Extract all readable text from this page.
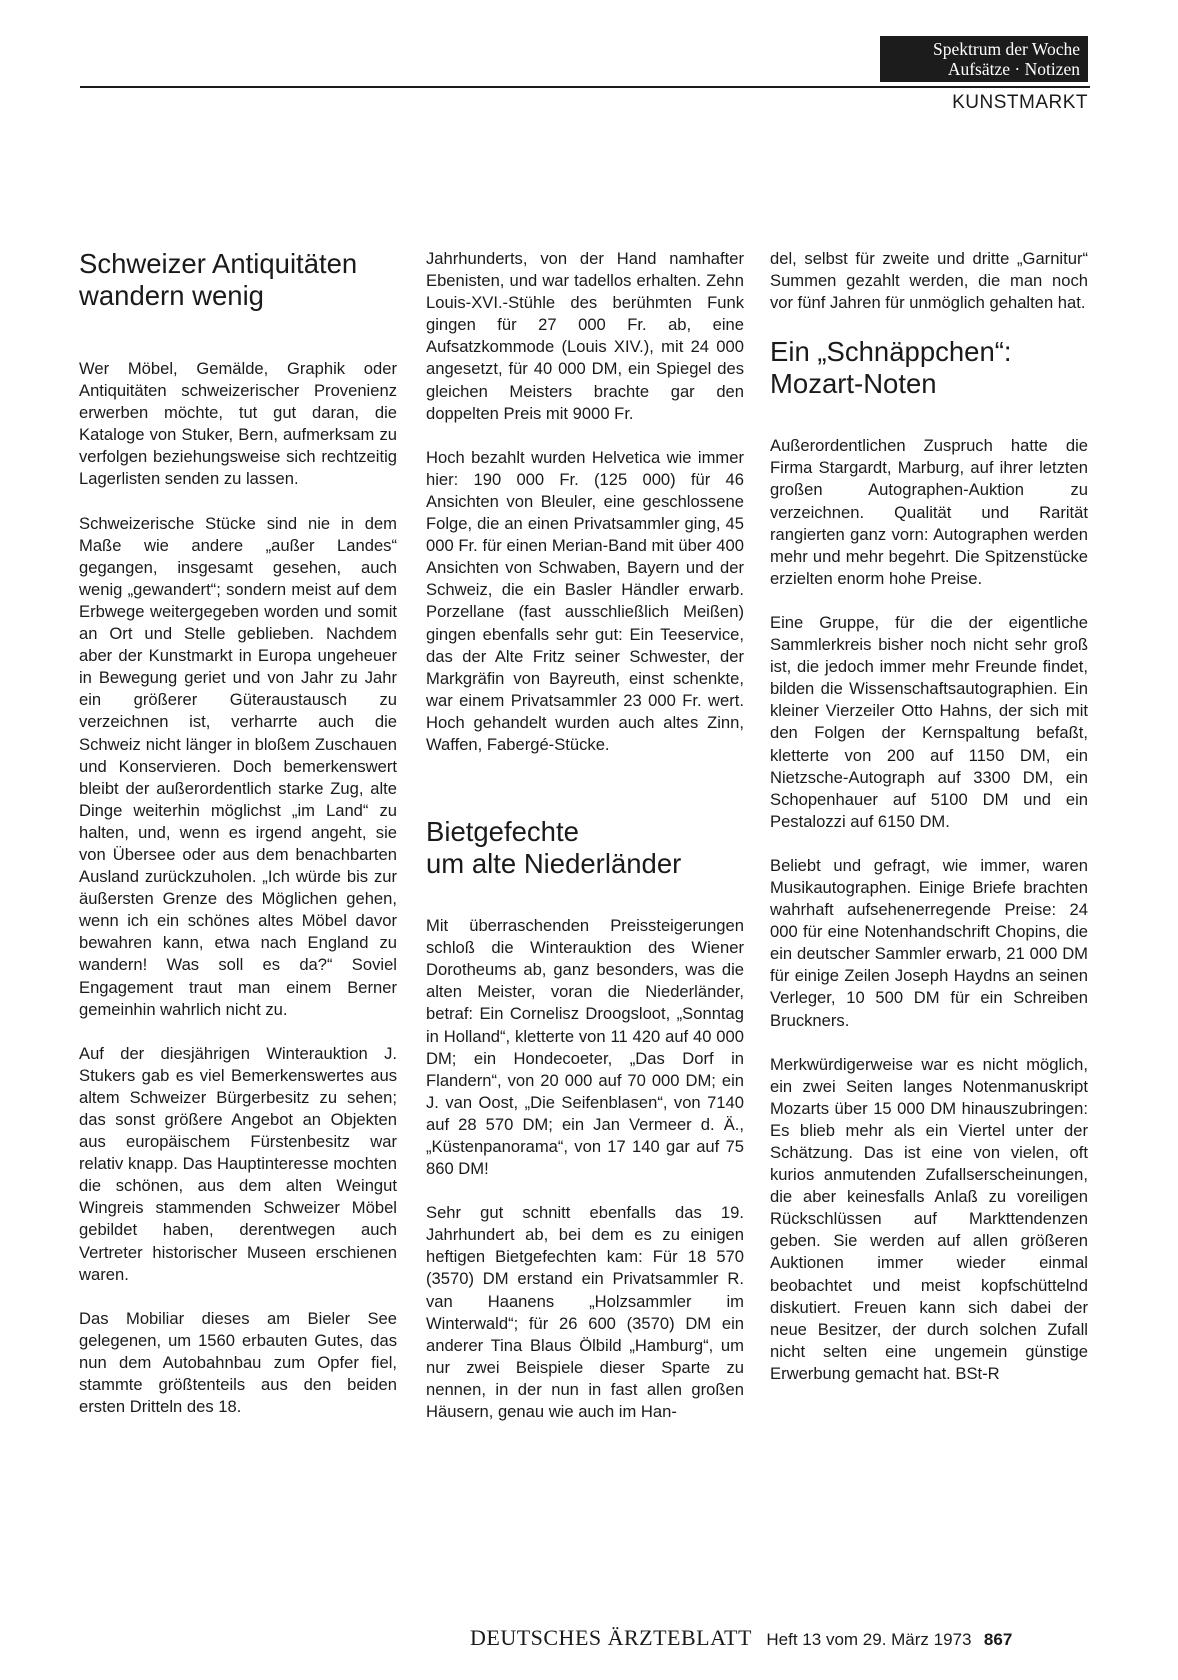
Spektrum der Woche
Aufsätze · Notizen
KUNSTMARKT
Schweizer Antiquitäten
wandern wenig

Wer Möbel, Gemälde, Graphik oder Antiquitäten schweizerischer Provenienz erwerben möchte, tut gut daran, die Kataloge von Stuker, Bern, aufmerksam zu verfolgen beziehungsweise sich rechtzeitig Lagerlisten senden zu lassen.

Schweizerische Stücke sind nie in dem Maße wie andere „außer Landes“ gegangen, insgesamt gesehen, auch wenig „gewandert“; sondern meist auf dem Erbwege weitergegeben worden und somit an Ort und Stelle geblieben. Nachdem aber der Kunstmarkt in Europa ungeheuer in Bewegung geriet und von Jahr zu Jahr ein größerer Güteraustausch zu verzeichnen ist, verharrte auch die Schweiz nicht länger in bloßem Zuschauen und Konservieren. Doch bemerkenswert bleibt der außerordentlich starke Zug, alte Dinge weiterhin möglichst „im Land“ zu halten, und, wenn es irgend angeht, sie von Übersee oder aus dem benachbarten Ausland zurückzuholen. „Ich würde bis zur äußersten Grenze des Möglichen gehen, wenn ich ein schönes altes Möbel davor bewahren kann, etwa nach England zu wandern! Was soll es da?“ Soviel Engagement traut man einem Berner gemeinhin wahrlich nicht zu.

Auf der diesjährigen Winterauktion J. Stukers gab es viel Bemerkenswertes aus altem Schweizer Bürgerbesitz zu sehen; das sonst größere Angebot an Objekten aus europäischem Fürstenbesitz war relativ knapp. Das Hauptinteresse mochten die schönen, aus dem alten Weingut Wingreis stammenden Schweizer Möbel gebildet haben, derentwegen auch Vertreter historischer Museen erschienen waren.

Das Mobiliar dieses am Bieler See gelegenen, um 1560 erbauten Gutes, das nun dem Autobahnbau zum Opfer fiel, stammte größtenteils aus den beiden ersten Dritteln des 18.

Jahrhunderts, von der Hand namhafter Ebenisten, und war tadellos erhalten. Zehn Louis-XVI.-Stühle des berühmten Funk gingen für 27 000 Fr. ab, eine Aufsatzkommode (Louis XIV.), mit 24 000 angesetzt, für 40 000 DM, ein Spiegel des gleichen Meisters brachte gar den doppelten Preis mit 9000 Fr.

Hoch bezahlt wurden Helvetica wie immer hier: 190 000 Fr. (125 000) für 46 Ansichten von Bleuler, eine geschlossene Folge, die an einen Privatsammler ging, 45 000 Fr. für einen Merian-Band mit über 400 Ansichten von Schwaben, Bayern und der Schweiz, die ein Basler Händler erwarb. Porzellane (fast ausschließlich Meißen) gingen ebenfalls sehr gut: Ein Teeservice, das der Alte Fritz seiner Schwester, der Markgräfin von Bayreuth, einst schenkte, war einem Privatsammler 23 000 Fr. wert. Hoch gehandelt wurden auch altes Zinn, Waffen, Fabergé-Stücke.

Bietgefechte
um alte Niederländer

Mit überraschenden Preissteigerungen schloß die Winterauktion des Wiener Dorotheums ab, ganz besonders, was die alten Meister, voran die Niederländer, betraf: Ein Cornelisz Droogsloot, „Sonntag in Holland“, kletterte von 11 420 auf 40 000 DM; ein Hondecoeter, „Das Dorf in Flandern“, von 20 000 auf 70 000 DM; ein J. van Oost, „Die Seifenblasen“, von 7140 auf 28 570 DM; ein Jan Vermeer d. Ä., „Küstenpanorama“, von 17 140 gar auf 75 860 DM!

Sehr gut schnitt ebenfalls das 19. Jahrhundert ab, bei dem es zu einigen heftigen Bietgefechten kam: Für 18 570 (3570) DM erstand ein Privatsammler R. van Haanens „Holzsammler im Winterwald“; für 26 600 (3570) DM ein anderer Tina Blaus Ölbild „Hamburg“, um nur zwei Beispiele dieser Sparte zu nennen, in der nun in fast allen großen Häusern, genau wie auch im Han-

del, selbst für zweite und dritte „Garnitur“ Summen gezahlt werden, die man noch vor fünf Jahren für unmöglich gehalten hat.

Ein „Schnäppchen“:
Mozart-Noten

Außerordentlichen Zuspruch hatte die Firma Stargardt, Marburg, auf ihrer letzten großen Autographen-Auktion zu verzeichnen. Qualität und Rarität rangierten ganz vorn: Autographen werden mehr und mehr begehrt. Die Spitzenstücke erzielten enorm hohe Preise.

Eine Gruppe, für die der eigentliche Sammlerkreis bisher noch nicht sehr groß ist, die jedoch immer mehr Freunde findet, bilden die Wissenschaftsautographien. Ein kleiner Vierzeiler Otto Hahns, der sich mit den Folgen der Kernspaltung befaßt, kletterte von 200 auf 1150 DM, ein Nietzsche-Autograph auf 3300 DM, ein Schopenhauer auf 5100 DM und ein Pestalozzi auf 6150 DM.

Beliebt und gefragt, wie immer, waren Musikautographen. Einige Briefe brachten wahrhaft aufsehenerregende Preise: 24 000 für eine Notenhandschrift Chopins, die ein deutscher Sammler erwarb, 21 000 DM für einige Zeilen Joseph Haydns an seinen Verleger, 10 500 DM für ein Schreiben Bruckners.

Merkwürdigerweise war es nicht möglich, ein zwei Seiten langes Notenmanuskript Mozarts über 15 000 DM hinauszubringen: Es blieb mehr als ein Viertel unter der Schätzung. Das ist eine von vielen, oft kurios anmutenden Zufallserscheinungen, die aber keinesfalls Anlaß zu voreiligen Rückschlüssen auf Markttendenzen geben. Sie werden auf allen größeren Auktionen immer wieder einmal beobachtet und meist kopfschüttelnd diskutiert. Freuen kann sich dabei der neue Besitzer, der durch solchen Zufall nicht selten eine ungemein günstige Erwerbung gemacht hat. BSt-R

DEUTSCHES ÄRZTEBLATT Heft 13 vom 29. März 1973 867
